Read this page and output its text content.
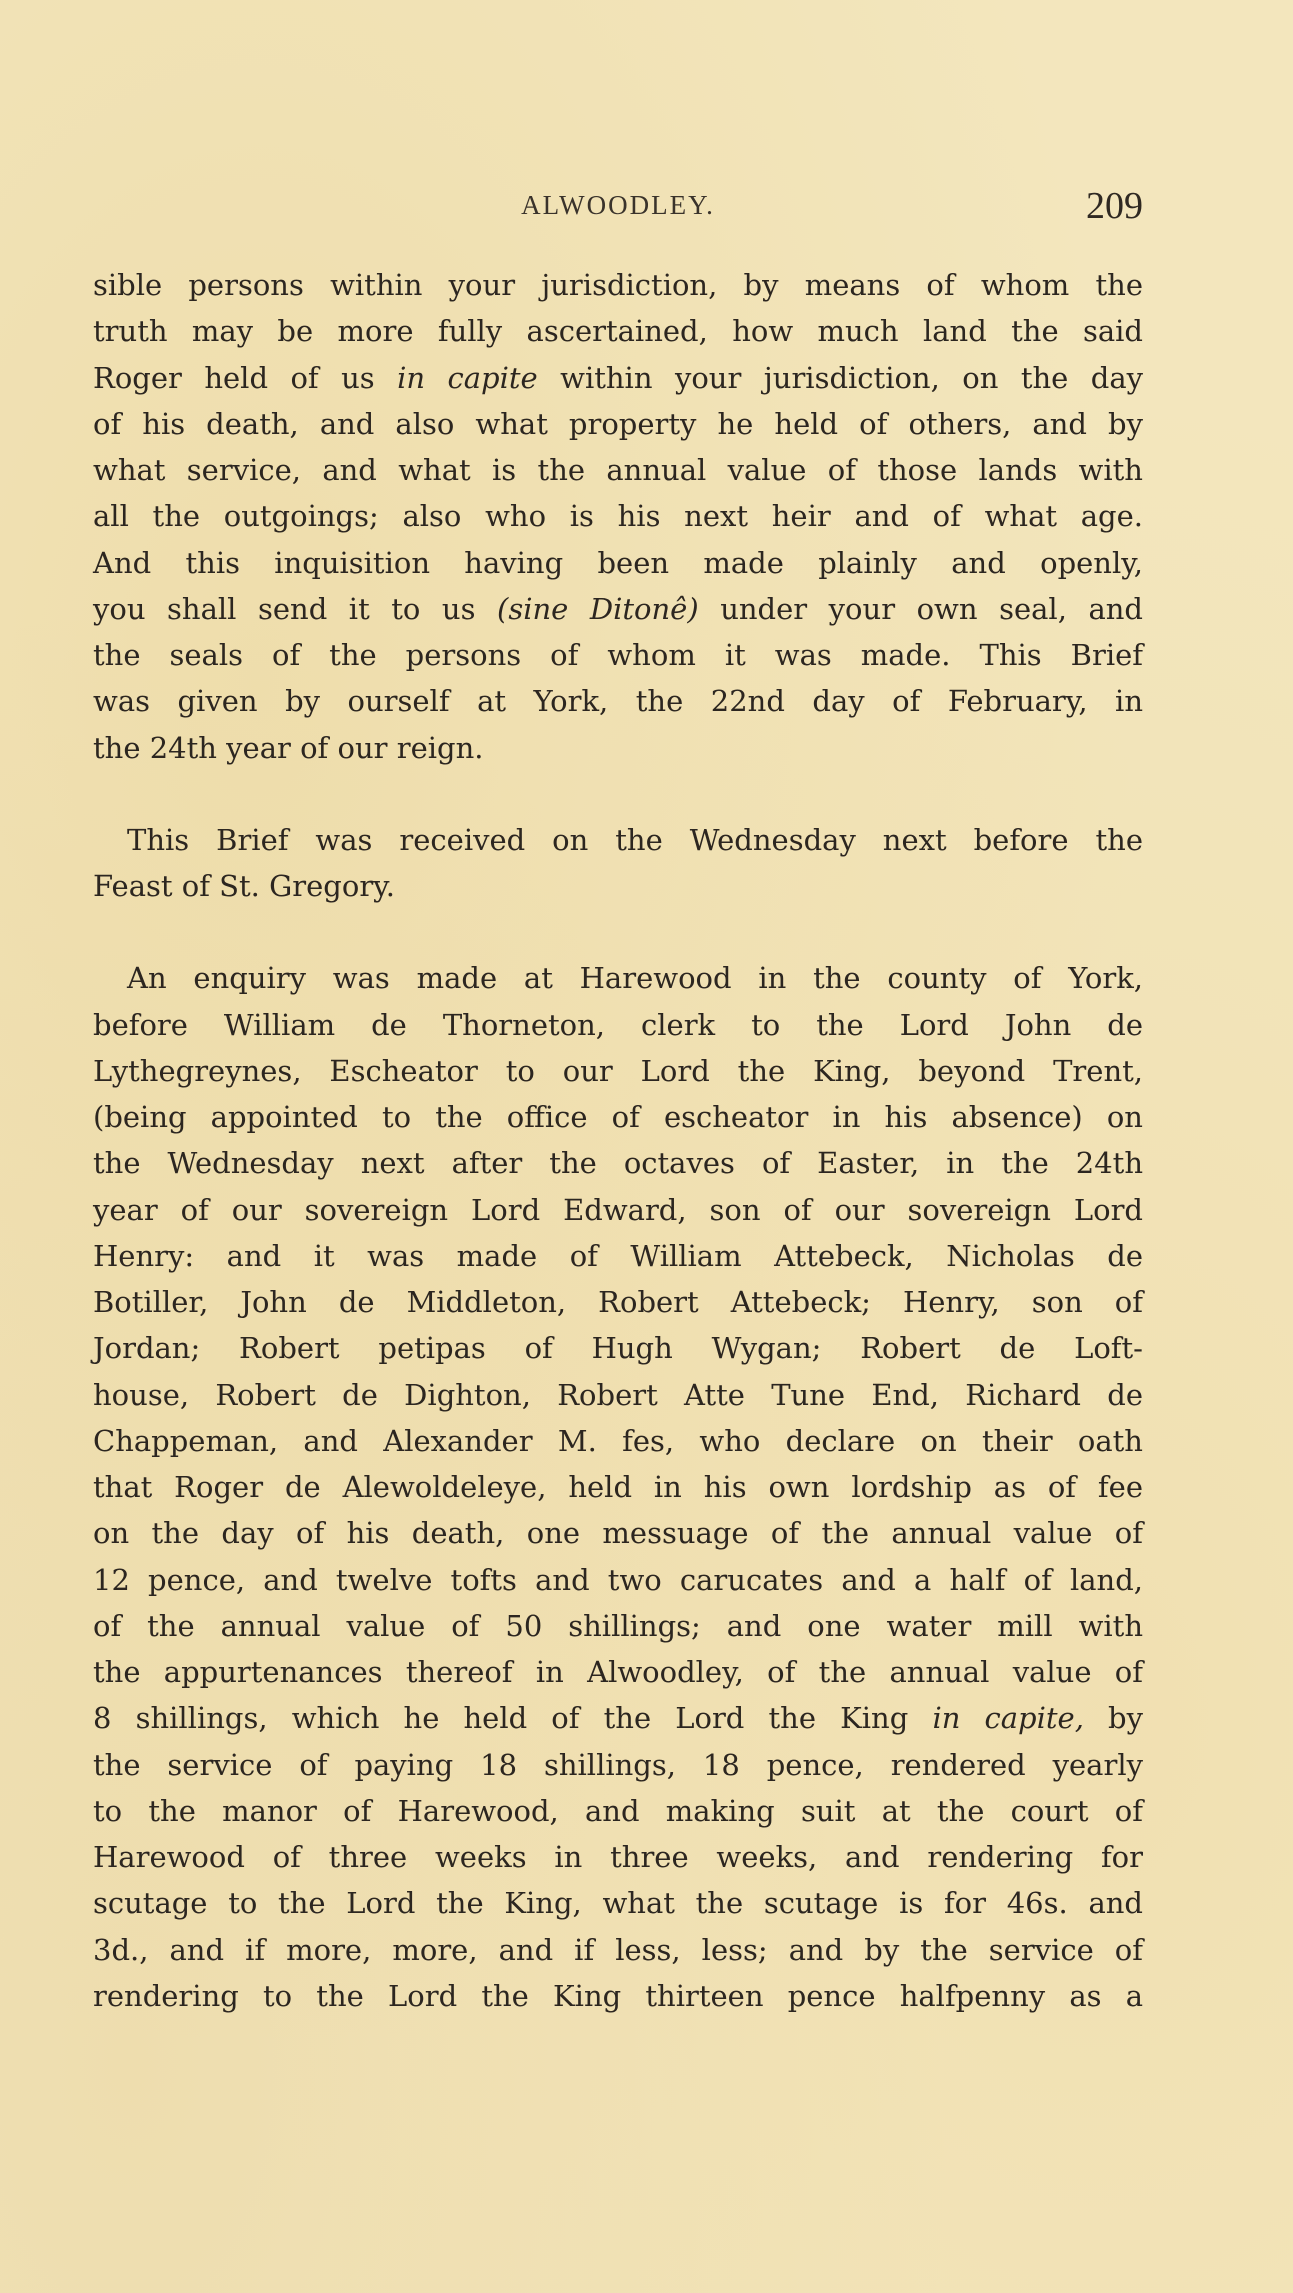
ALWOODLEY.	209
sible persons within your jurisdiction, by means of whom the
truth may be more fully ascertained, how much land the said
Roger held of us in capite within your jurisdiction, on the day
of his death, and also what property he held of others, and by
what service, and what is the annual value of those lands with
all the outgoings; also who is his next heir and of what age.
And this inquisition having been made plainly and openly,
you shall send it to us (sine Ditonê) under your own seal, and
the seals of the persons of whom it was made. This Brief
was given by ourself at York, the 22nd day of February, in
the 24th year of our reign.
This Brief was received on the Wednesday next before the
Feast of St. Gregory.
An enquiry was made at Harewood in the county of York,
before William de Thorneton, clerk to the Lord John de
Lythegreynes, Escheator to our Lord the King, beyond Trent,
(being appointed to the office of escheator in his absence) on
the Wednesday next after the octaves of Easter, in the 24th
year of our sovereign Lord Edward, son of our sovereign Lord
Henry: and it was made of William Attebeck, Nicholas de
Botiller, John de Middleton, Robert Attebeck; Henry, son of
Jordan; Robert petipas of Hugh Wygan; Robert de Loft-
house, Robert de Dighton, Robert Atte Tune End, Richard de
Chappeman, and Alexander M. fes, who declare on their oath
that Roger de Alewoldeleye, held in his own lordship as of fee
on the day of his death, one messuage of the annual value of
12 pence, and twelve tofts and two carucates and a half of land,
of the annual value of 50 shillings; and one water mill with
the appurtenances thereof in Alwoodley, of the annual value of
8 shillings, which he held of the Lord the King in capite, by
the service of paying 18 shillings, 18 pence, rendered yearly
to the manor of Harewood, and making suit at the court of
Harewood of three weeks in three weeks, and rendering for
scutage to the Lord the King, what the scutage is for 46s. and
3d., and if more, more, and if less, less; and by the service of
rendering to the Lord the King thirteen pence halfpenny as a
